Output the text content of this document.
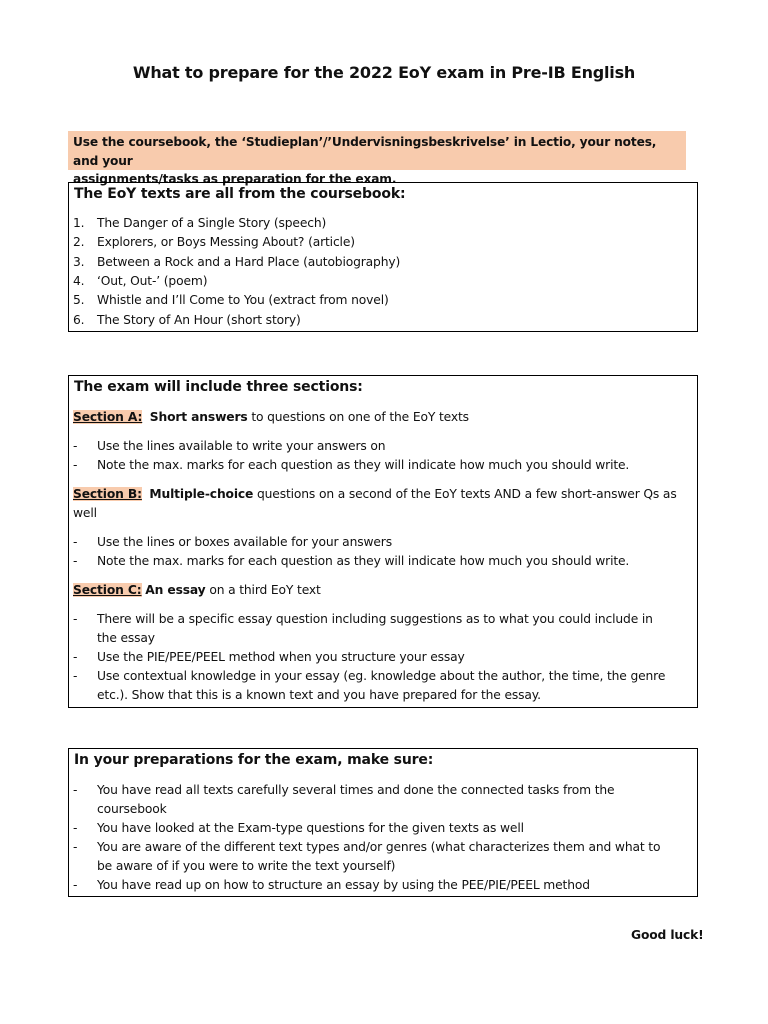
What to prepare for the 2022 EoY exam in Pre-IB English
Use the coursebook, the ‘Studieplan’/’Undervisningsbeskrivelse’ in Lectio, your notes, and your
assignments/tasks as preparation for the exam.
The EoY texts are all from the coursebook:
1. The Danger of a Single Story (speech)
2. Explorers, or Boys Messing About? (article)
3. Between a Rock and a Hard Place (autobiography)
4. ‘Out, Out-’ (poem)
5. Whistle and I’ll Come to You (extract from novel)
6. The Story of An Hour (short story)
The exam will include three sections:
Section A: Short answers to questions on one of the EoY texts
- Use the lines available to write your answers on
- Note the max. marks for each question as they will indicate how much you should write.
Section B: Multiple-choice questions on a second of the EoY texts AND a few short-answer Qs as
well
- Use the lines or boxes available for your answers
- Note the max. marks for each question as they will indicate how much you should write.
Section C: An essay on a third EoY text
- There will be a specific essay question including suggestions as to what you could include in
the essay
- Use the PIE/PEE/PEEL method when you structure your essay
- Use contextual knowledge in your essay (eg. knowledge about the author, the time, the genre
etc.). Show that this is a known text and you have prepared for the essay.
In your preparations for the exam, make sure:
- You have read all texts carefully several times and done the connected tasks from the
coursebook
- You have looked at the Exam-type questions for the given texts as well
- You are aware of the different text types and/or genres (what characterizes them and what to
be aware of if you were to write the text yourself)
- You have read up on how to structure an essay by using the PEE/PIE/PEEL method
Good luck!
